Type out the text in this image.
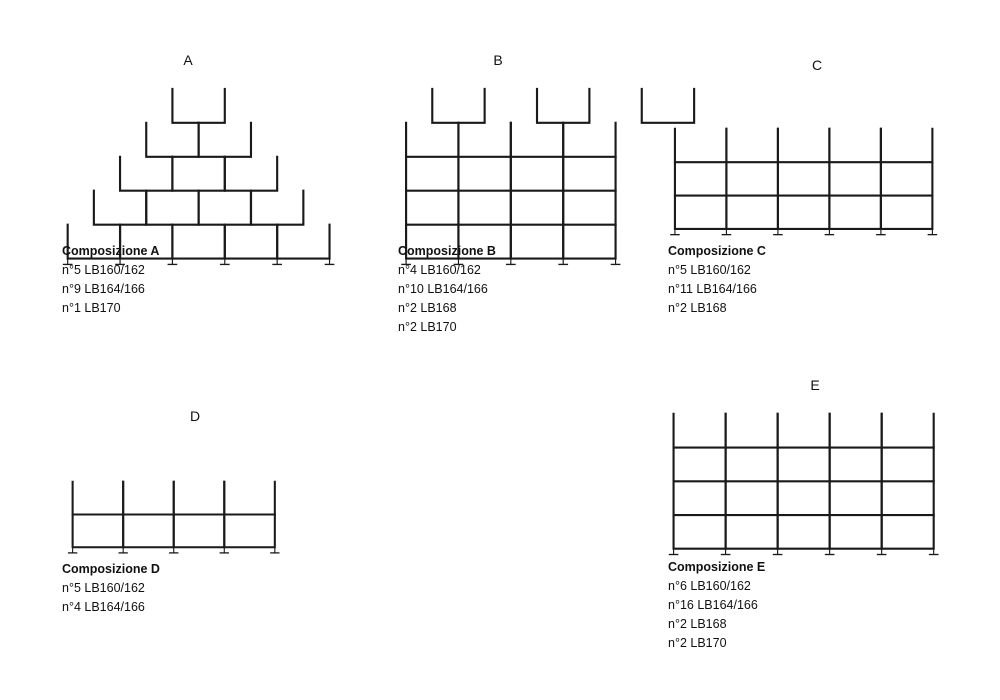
A
Composizione A
n°5 LB160/162
n°9 LB164/166
n°1 LB170
B
Composizione B
n°4 LB160/162
n°10 LB164/166
n°2 LB168
n°2 LB170
C
Composizione C
n°5 LB160/162
n°11 LB164/166
n°2 LB168
D
Composizione D
n°5 LB160/162
n°4 LB164/166
E
Composizione E
n°6 LB160/162
n°16 LB164/166
n°2 LB168
n°2 LB170
